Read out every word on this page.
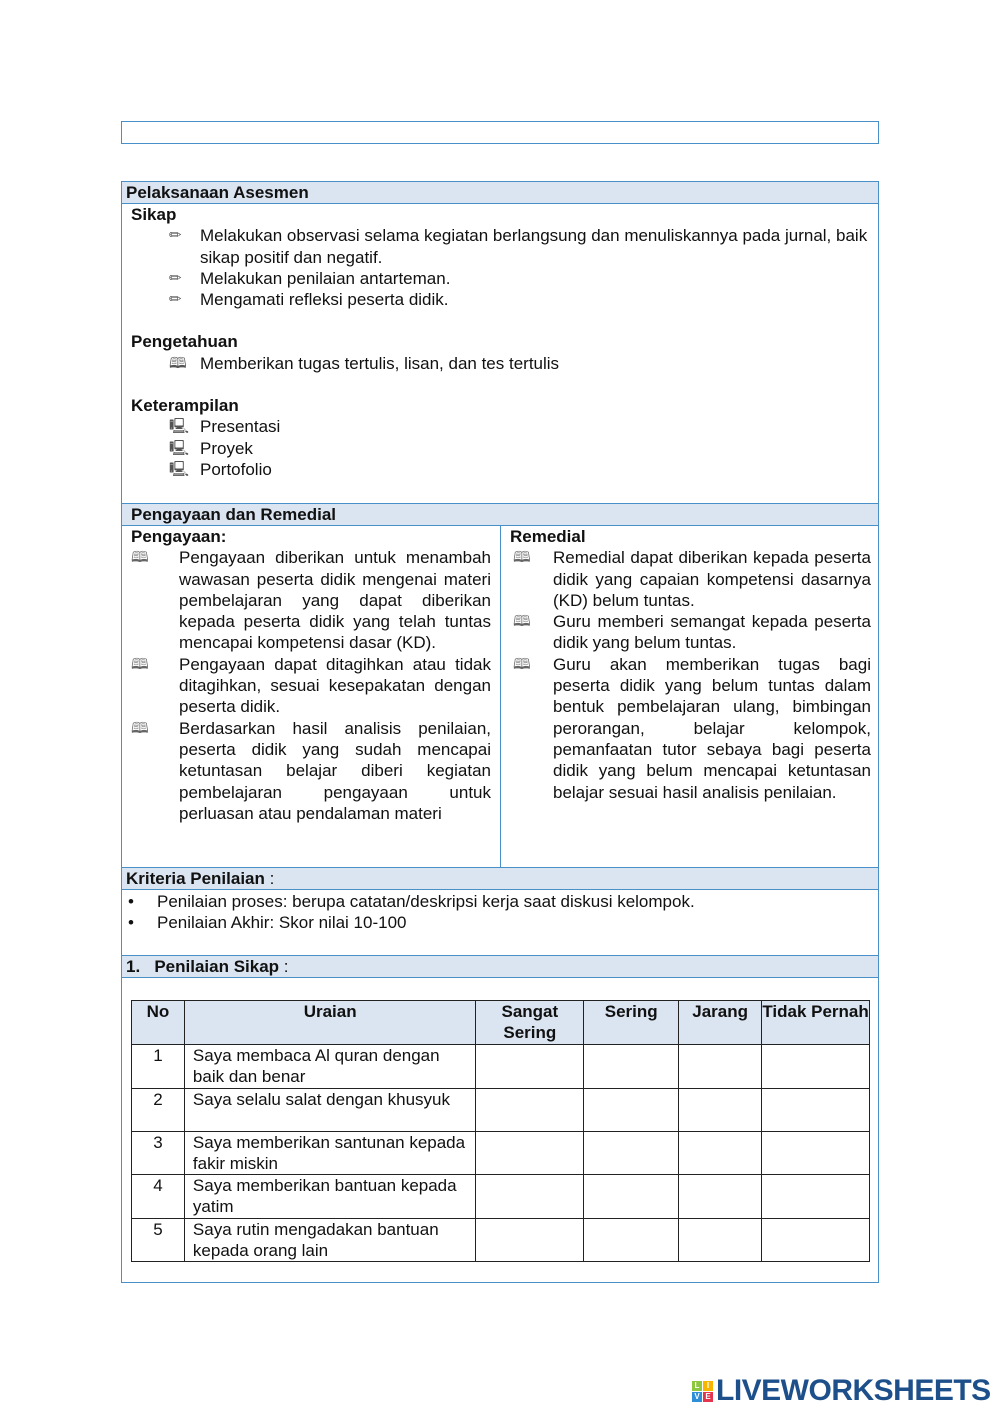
Pelaksanaan Asesmen
Sikap
✏	Melakukan observasi selama kegiatan berlangsung dan menuliskannya pada jurnal, baik sikap positif dan negatif.
✏	Melakukan penilaian antarteman.
✏	Mengamati refleksi peserta didik.
Pengetahuan
🕮 Memberikan tugas tertulis, lisan, dan tes tertulis
Keterampilan
🖳 Presentasi
🖳 Proyek
🖳 Portofolio
Pengayaan dan Remedial
Pengayaan:
🕮 Pengayaan diberikan untuk menambah wawasan peserta didik mengenai materi pembelajaran yang dapat diberikan kepada peserta didik yang telah tuntas mencapai kompetensi dasar (KD).
🕮 Pengayaan dapat ditagihkan atau tidak ditagihkan, sesuai kesepakatan dengan peserta didik.
🕮 Berdasarkan hasil analisis penilaian, peserta didik yang sudah mencapai ketuntasan belajar diberi kegiatan pembelajaran pengayaan untuk perluasan atau pendalaman materi
Remedial
🕮 Remedial dapat diberikan kepada peserta didik yang capaian kompetensi dasarnya (KD) belum tuntas.
🕮 Guru memberi semangat kepada peserta didik yang belum tuntas.
🕮 Guru akan memberikan tugas bagi peserta didik yang belum tuntas dalam bentuk pembelajaran ulang, bimbingan perorangan, belajar kelompok, pemanfaatan tutor sebaya bagi peserta didik yang belum mencapai ketuntasan belajar sesuai hasil analisis penilaian.
Kriteria Penilaian :
• Penilaian proses: berupa catatan/deskripsi kerja saat diskusi kelompok.
• Penilaian Akhir: Skor nilai 10-100
1.   Penilaian Sikap :
No	Uraian	Sangat Sering	Sering	Jarang	Tidak Pernah
1	Saya membaca Al quran dengan baik dan benar				
2	Saya selalu salat dengan khusyuk				
3	Saya memberikan santunan kepada fakir miskin				
4	Saya memberikan bantuan kepada yatim				
5	Saya rutin mengadakan bantuan kepada orang lain				
L I
V E LIVEWORKSHEETS
